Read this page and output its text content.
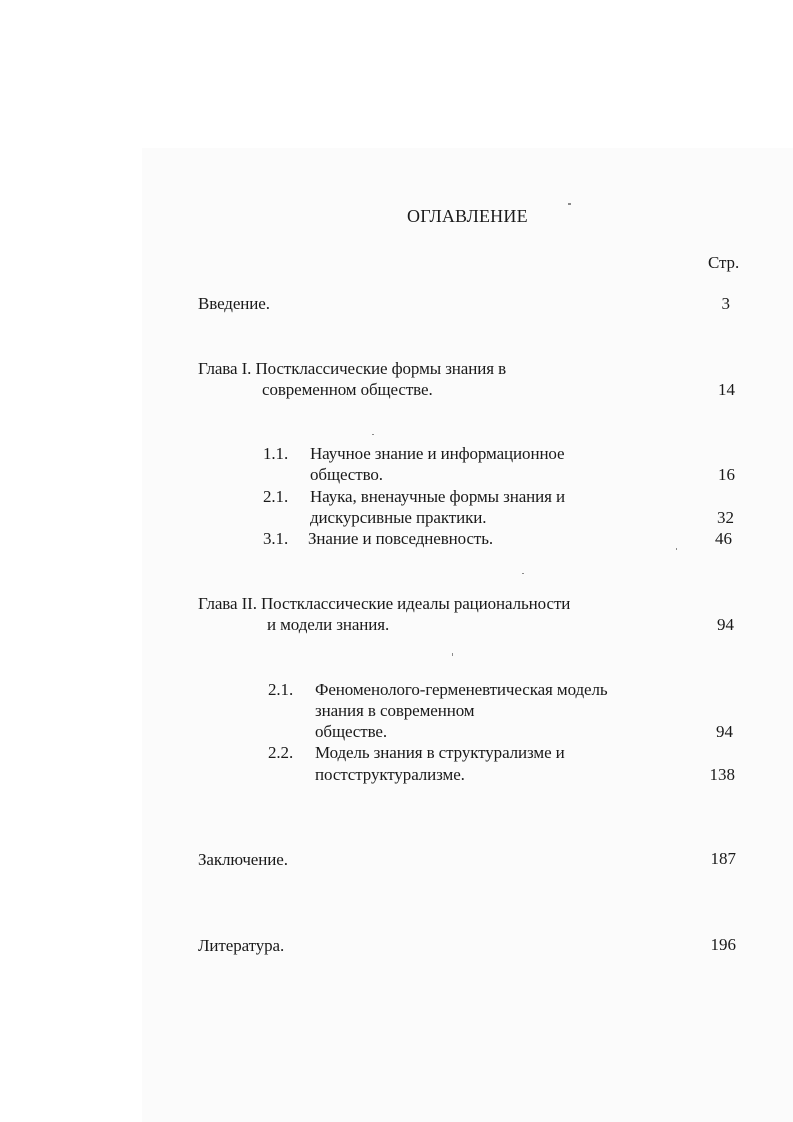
ОГЛАВЛЕНИЕ
Стр.
Введение.	3
Глава I. Постклассические формы знания в
современном обществе.	14
1.1. Научное знание и информационное
общество.	16
2.1. Наука, вненаучные формы знания и
дискурсивные практики.	32
3.1. Знание и повседневность.	46
Глава II. Постклассические идеалы рациональности
и модели знания.	94
2.1. Феноменолого-герменевтическая модель
знания в современном
обществе.	94
2.2. Модель знания в структурализме и
постструктурализме.	138
Заключение.	187
Литература.	196
